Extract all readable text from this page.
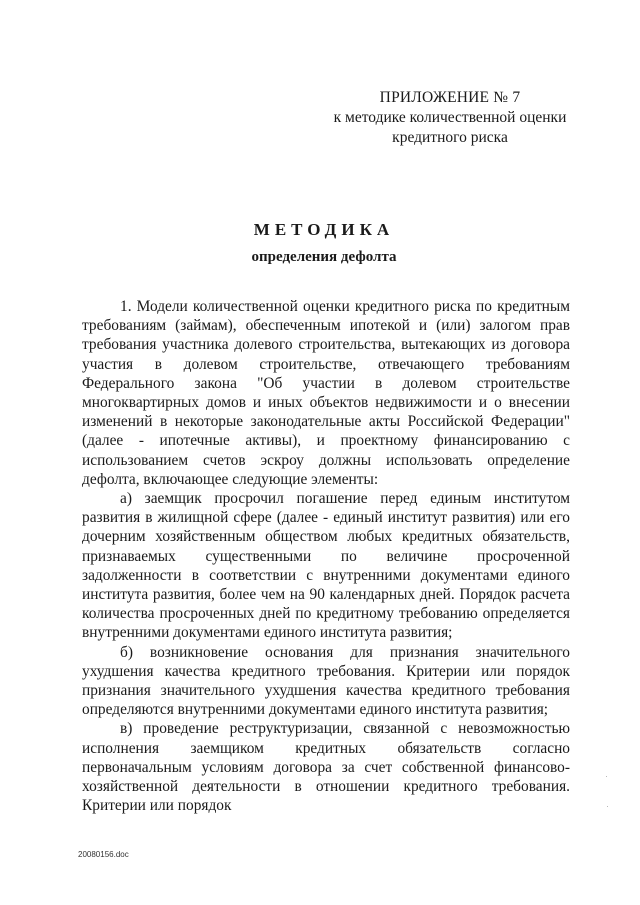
ПРИЛОЖЕНИЕ № 7
к методике количественной оценки
кредитного риска
МЕТОДИКА
определения дефолта

1. Модели количественной оценки кредитного риска по кредитным требованиям (займам), обеспеченным ипотекой и (или) залогом прав требования участника долевого строительства, вытекающих из договора участия в долевом строительстве, отвечающего требованиям Федерального закона "Об участии в долевом строительстве многоквартирных домов и иных объектов недвижимости и о внесении изменений в некоторые законодательные акты Российской Федерации" (далее - ипотечные активы), и проектному финансированию с использованием счетов эскроу должны использовать определение дефолта, включающее следующие элементы:

а) заемщик просрочил погашение перед единым институтом развития в жилищной сфере (далее - единый институт развития) или его дочерним хозяйственным обществом любых кредитных обязательств, признаваемых существенными по величине просроченной задолженности в соответствии с внутренними документами единого института развития, более чем на 90 календарных дней. Порядок расчета количества просроченных дней по кредитному требованию определяется внутренними документами единого института развития;

б) возникновение основания для признания значительного ухудшения качества кредитного требования. Критерии или порядок признания значительного ухудшения качества кредитного требования определяются внутренними документами единого института развития;

в) проведение реструктуризации, связанной с невозможностью исполнения заемщиком кредитных обязательств согласно первоначальным условиям договора за счет собственной финансово-хозяйственной деятельности в отношении кредитного требования. Критерии или порядок

20080156.doc
